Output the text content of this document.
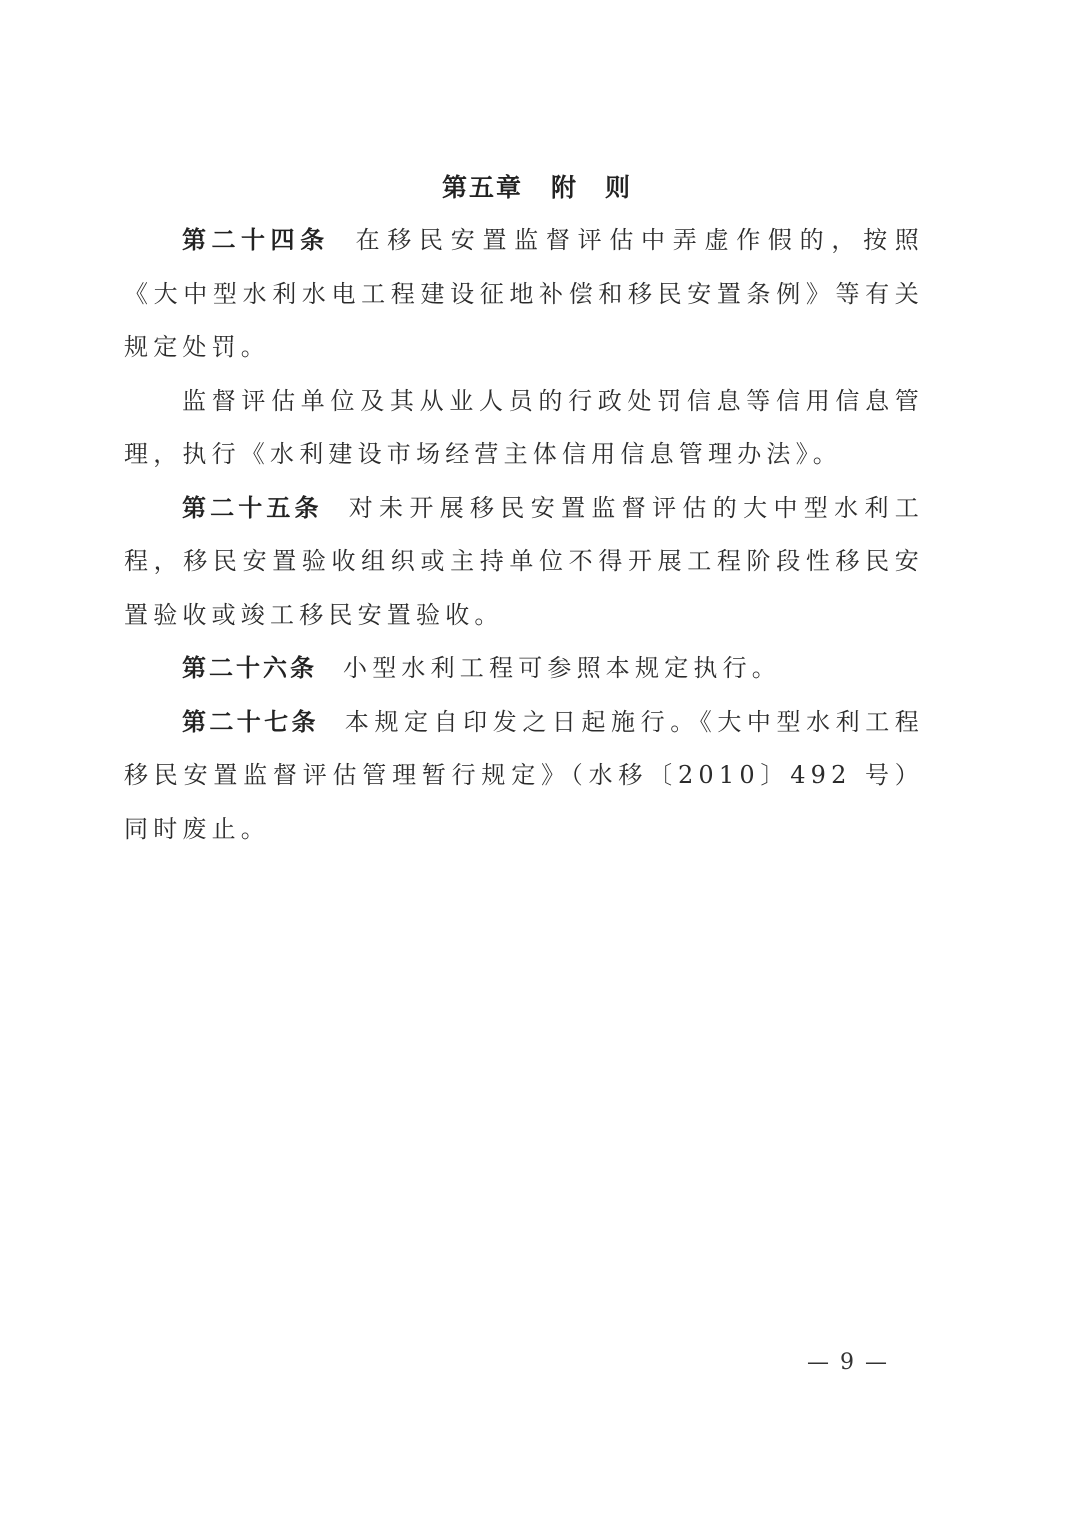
第五章 附　则

第二十四条 在移民安置监督评估中弄虚作假的，按照《大中型水利水电工程建设征地补偿和移民安置条例》等有关规定处罚。

监督评估单位及其从业人员的行政处罚信息等信用信息管理，执行《水利建设市场经营主体信用信息管理办法》。

第二十五条 对未开展移民安置监督评估的大中型水利工程，移民安置验收组织或主持单位不得开展工程阶段性移民安置验收或竣工移民安置验收。

第二十六条 小型水利工程可参照本规定执行。

第二十七条 本规定自印发之日起施行。《大中型水利工程移民安置监督评估管理暂行规定》（水移〔2010〕492 号）同时废止。

— 9 —
